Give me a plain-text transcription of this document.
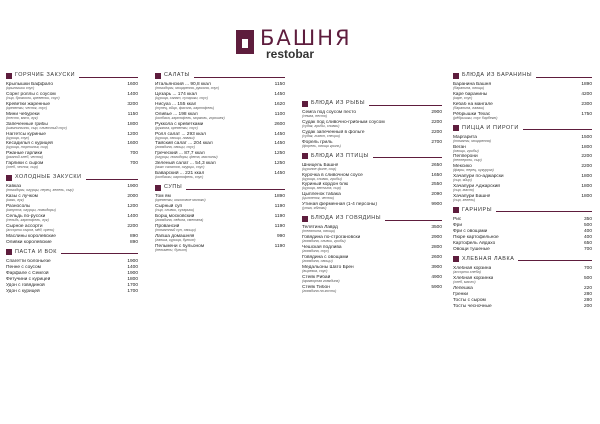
БАШНЯ
restobar
ГОРЯЧИЕ ЗАКУСКИ
Крылышки Баффало	1600
(крылышки соус)
Сорнг роллы с соусом	1400
(сыр, брокколи, креветки, соус)
Креветки жаренные	3200
(креветки, чеснок, соус)
Мини чебуреки	1150
(тесто, мясо, лук)
Запеченные грибы	1800
(шампиньоны, сыр, сливочный соус)
Наггетсы куриные	1200
(курица, соус)
Кесадилья с курицей	1600
(курица, тортилья, сыр)
Ржаные гарлики	700
(ржаной хлеб, чеснок)
Гарлики с сыром	700
(хлеб, чеснок, сыр)
ХОЛОДНЫЕ ЗАКУСКИ
Кавказ	1900
(помидоры, огурцы, перец, зелень, сыр)
Казы с лучком	2000
(казы, лук)
Разносолы	1200
(капуста, огурцы, помидоры)
Сельдь по-русски	1400
(сельдь, картофель, лук)
Сырное ассорти	2200
(ассорти сыров, мёд, орехи)
Маслины королевские	890
Оливки королевские	890
ПАСТА И ВОК
Спагетти болоньезе	1900
Пенне с соусом	1400
Фарфале с Семгой	1900
Фетучини с курицей	1800
Удон с говядиной	1700
Удон с курицей	1700
САЛАТЫ
Итальянский ... 90,8 ккал	1150
(помидоры, моцарелла, руккола, соус)
Цезарь ... 174 ккал	1450
(курица, салат, сухарики, соус)
Нисуаз ... 155 ккал	1620
(тунец, яйцо, фасоль, картофель)
Оливье ... 198 ккал	1100
(колбаса, картофель, морковь, горошек)
Руккола с креветками	2600
(руккола, креветки, соус)
Ролл салат ... 293 ккал	1450
(курица, овощи, лаваш)
Тайский салат ... 204 ккал	1450
(говядина, овощи, соус)
Греческий ... 87,7 ккал	1250
(огурцы, помидоры, фета, маслины)
Зеленый салат ... 54,3 ккал	1250
(микс салатов, огурцы, соус)
Баварский ... 221 ккал	1450
(колбаски, картофель, соус)
СУПЫ
Том ям	1890
(креветки, кокосовое молоко)
Сырный суп	1190
(сыр, сливки, сухарики)
Борщ московский	1190
(говядина, свёкла, сметана)
Провансий	1190
(томатный суп, овощи)
Лапша домашняя	990
(лапша, курица, бульон)
Пельмени с бульоном	1190
(пельмени, бульон)
БЛЮДА ИЗ РЫБЫ
Семга под соусом песто	2900
(семга, песто)
Судак под сливочно-грибным соусом	2200
(судак, грибы, сливки)
Судак запеченный в фольге	2200
(судак, лимон, специи)
Форель гриль	2700
(форель, овощи гриль)
БЛЮДА ИЗ ПТИЦЫ
Шницель Башня	2650
(куриное филе, сыр)
Курочка в сливочном соусе	1650
(курица, сливки, грибы)
Куриный кордон блю	2550
(курица, ветчина, сыр)
Цыпленок табака	2090
(цыпленок, чеснок)
Утиная ферменная (1-4 персоны)	9900
(утка, яблоки)
БЛЮДА ИЗ ГОВЯДИНЫ
Телятина Лаврд	3500
(телятина, овощи)
Говядина по-строгановски	2900
(говядина, сливки, грибы)
Чешская подлива	2800
(говядина, соус)
Говядина с овощами	2600
(говядина, овощи)
Медальоны Шато Брен	3900
(вырезка, соус)
Стейк Рибай	4900
(мраморная говядина)
Стейк Тибон	5900
(говядина на кости)
БЛЮДА ИЗ БАРАНИНЫ
Баранина Башня	1890
(баранина, овощи)
Каре баранины	4200
(каре, соус)
Кебаб на мангале	2300
(баранина, лаваш)
Рёбрышки Техас	1750
(рёбрышки, соус барбекю)
ПИЦЦА И ПИРОГИ
Маргарита	1500
(томаты, моцарелла)
Веган	1800
(овощи, грибы)
Пепперони	2200
(пепперони, сыр)
Мексико	2200
(фарш, перец, кукуруза)
Хачапури по-аджарски	1800
(сыр, яйцо)
Хачапури Аджарский	1800
(сыр, масло)
Хачапури Башня	1800
(сыр, зелень)
ГАРНИРЫ
Рис	350
Фри	500
Фри с овощами	400
Пюре картофельное	400
Картофель Айдахо	650
Овощи тушеные	700
ХЛЕБНАЯ ЛАВКА
Хлебная корзина	700
(ассорти хлеба)
Хлебная корзинка	500
(хлеб, масло)
Лепешка	220
Гренки	280
Тосты с сыром	280
Тосты чесночные	200
